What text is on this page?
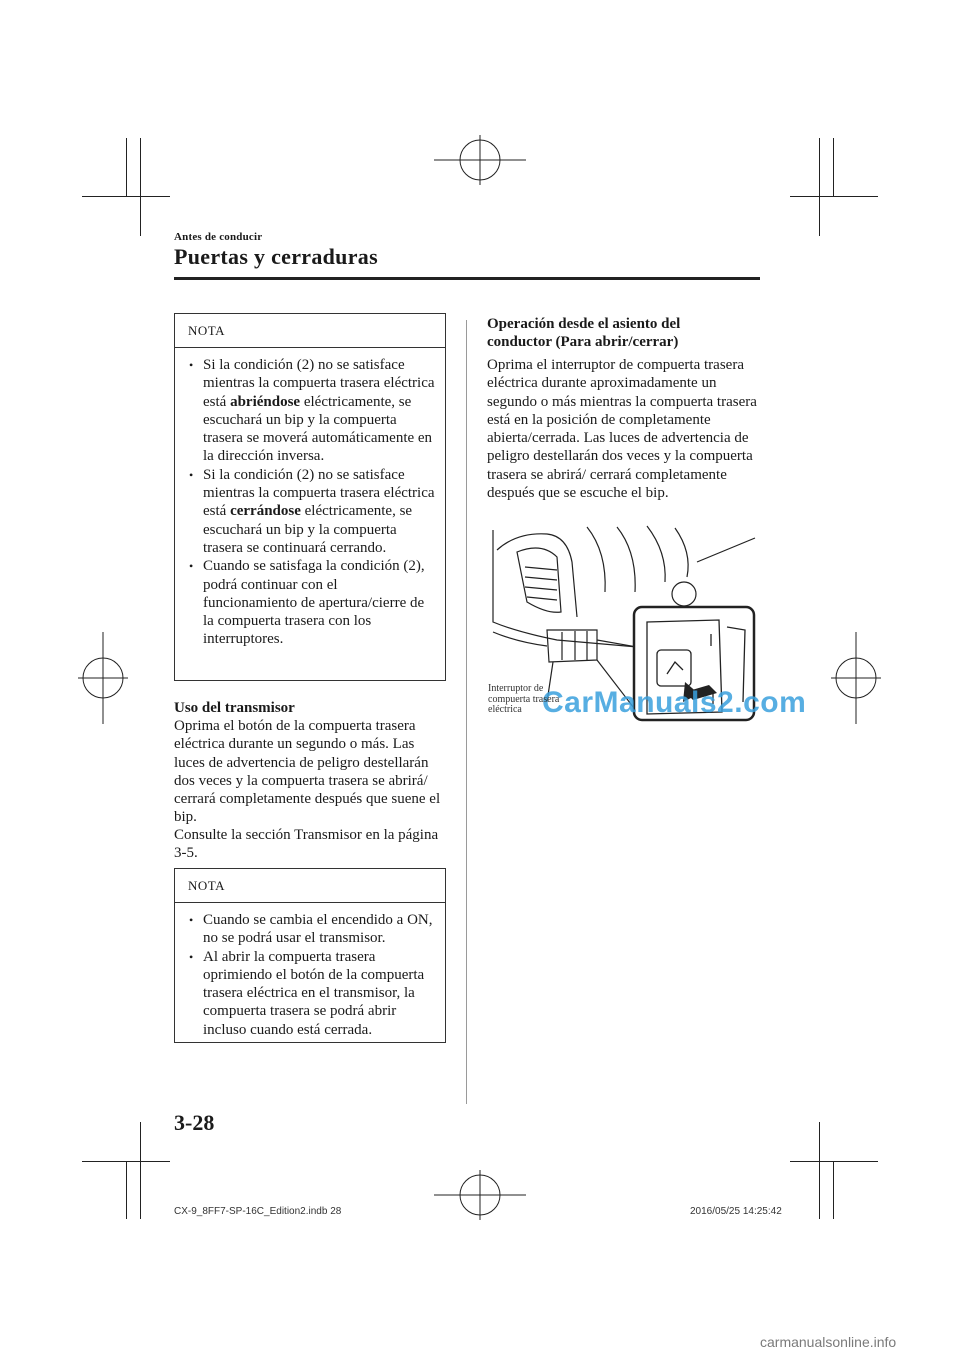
Antes de conducir
Puertas y cerraduras
NOTA
• Si la condición (2) no se satisface mientras la compuerta trasera eléctrica está abriéndose eléctricamente, se escuchará un bip y la compuerta trasera se moverá automáticamente en la dirección inversa.
• Si la condición (2) no se satisface mientras la compuerta trasera eléctrica está cerrándose eléctricamente, se escuchará un bip y la compuerta trasera se continuará cerrando.
• Cuando se satisfaga la condición (2), podrá continuar con el funcionamiento de apertura/cierre de la compuerta trasera con los interruptores.
Uso del transmisor
Oprima el botón de la compuerta trasera eléctrica durante un segundo o más. Las luces de advertencia de peligro destellarán dos veces y la compuerta trasera se abrirá/ cerrará completamente después que suene el bip.
Consulte la sección Transmisor en la página 3-5.
NOTA
• Cuando se cambia el encendido a ON, no se podrá usar el transmisor.
• Al abrir la compuerta trasera oprimiendo el botón de la compuerta trasera eléctrica en el transmisor, la compuerta trasera se podrá abrir incluso cuando está cerrada.
Operación desde el asiento del conductor (Para abrir/cerrar)
Oprima el interruptor de compuerta trasera eléctrica durante aproximadamente un segundo o más mientras la compuerta trasera está en la posición de completamente abierta/cerrada. Las luces de advertencia de peligro destellarán dos veces y la compuerta trasera se abrirá/ cerrará completamente después que se escuche el bip.
CarManuals2.com
Interruptor de compuerta trasera eléctrica
3-28
CX-9_8FF7-SP-16C_Edition2.indb 28	2016/05/25 14:25:42
carmanualsonline.info
